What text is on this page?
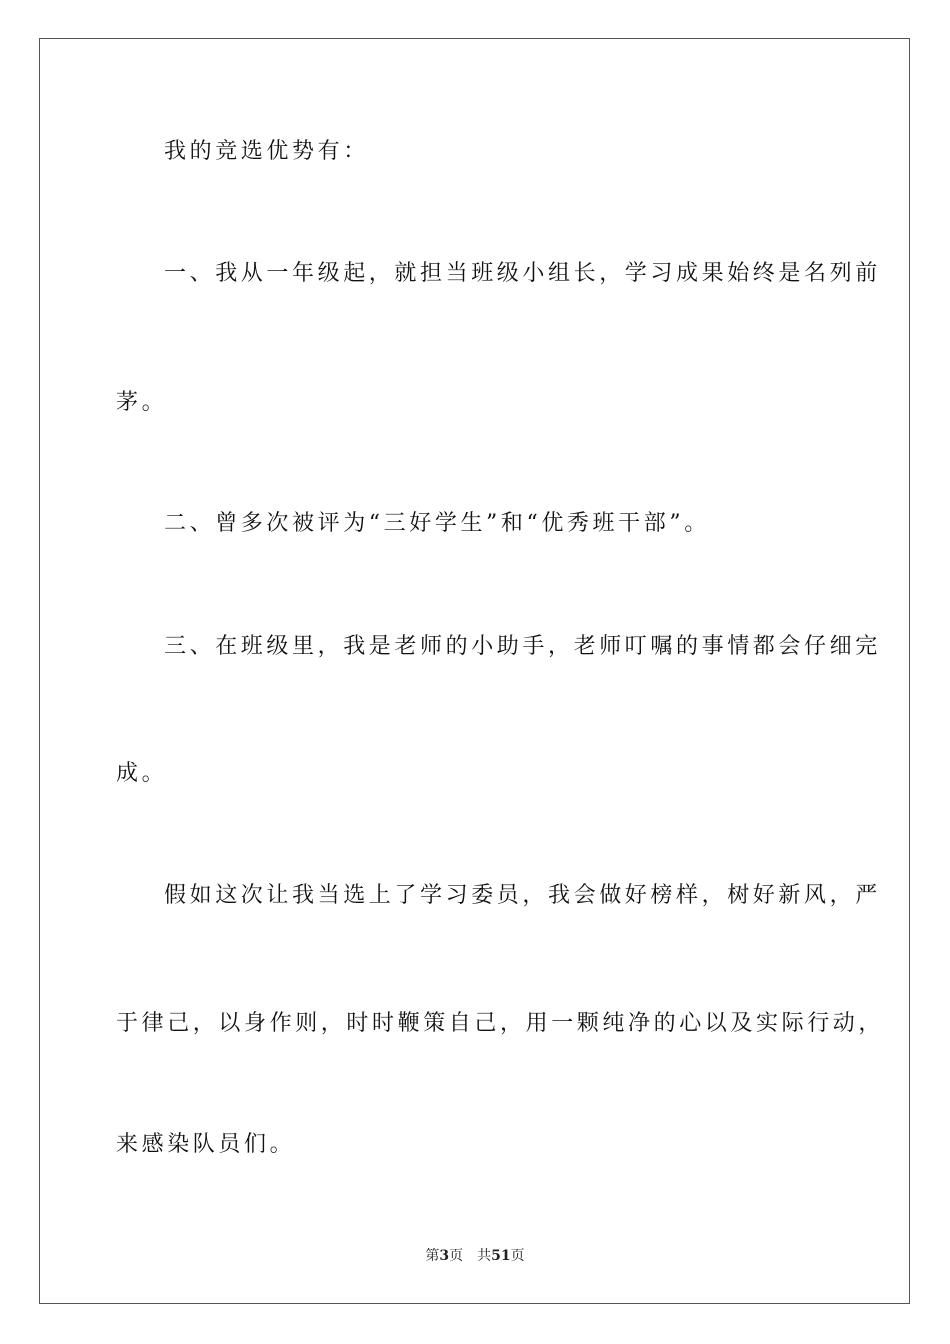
我的竞选优势有：
一、我从一年级起，就担当班级小组长，学习成果始终是名列前
茅。
二、曾多次被评为“三好学生”和“优秀班干部”。
三、在班级里，我是老师的小助手，老师叮嘱的事情都会仔细完
成。
假如这次让我当选上了学习委员，我会做好榜样，树好新风，严
于律己，以身作则，时时鞭策自己，用一颗纯净的心以及实际行动，
来感染队员们。
第3页 共51页
